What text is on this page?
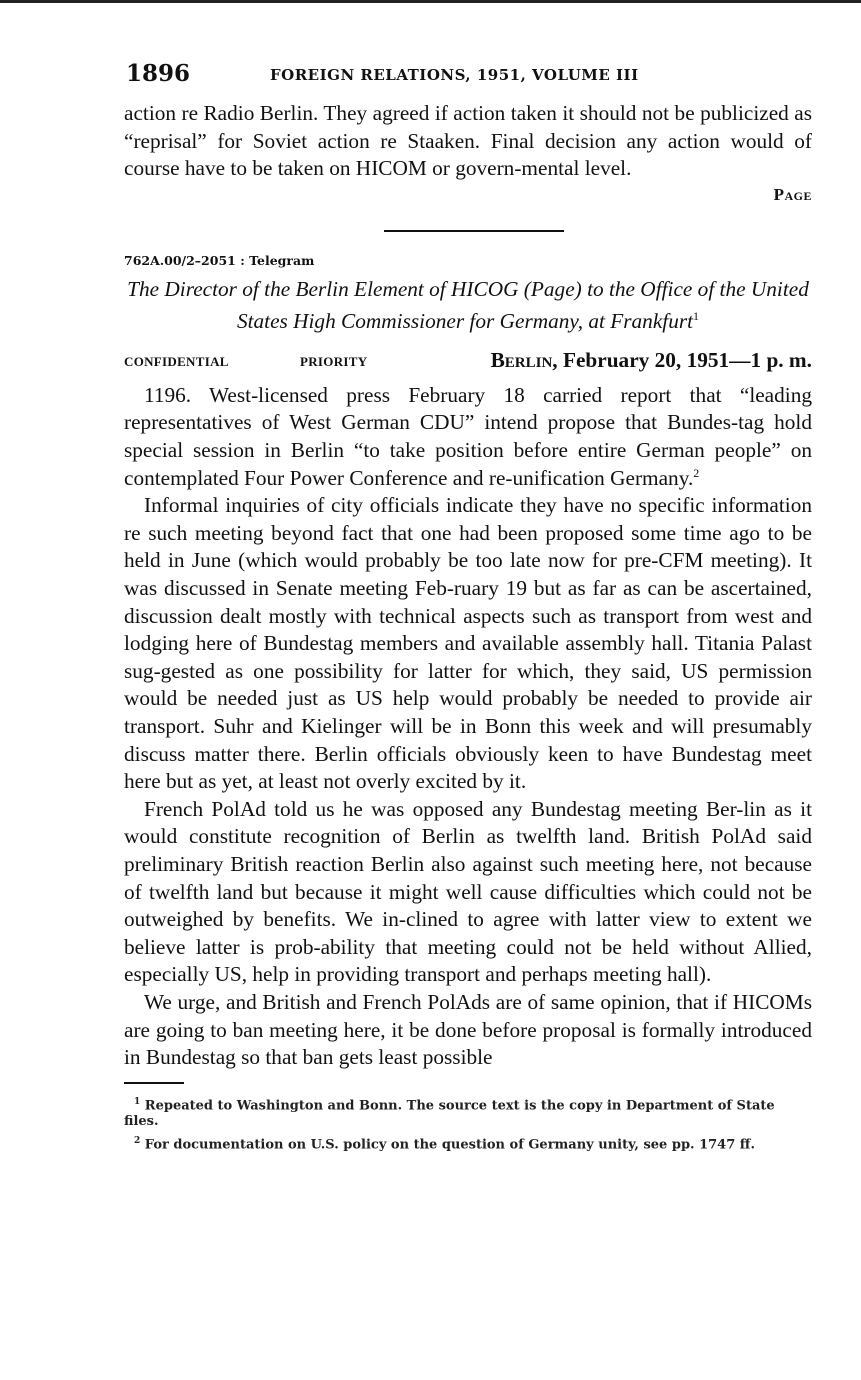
1896	FOREIGN RELATIONS, 1951, VOLUME III

action re Radio Berlin. They agreed if action taken it should not be publicized as “reprisal” for Soviet action re Staaken. Final decision any action would of course have to be taken on HICOM or govern-mental level.

Page
762A.00/2–2051 : Telegram
The Director of the Berlin Element of HICOG (Page) to the Office of the United States High Commissioner for Germany, at Frankfurt$^1$
CONFIDENTIAL	PRIORITY	Berlin, February 20, 1951—1 p. m.

1196. West-licensed press February 18 carried report that “leading representatives of West German CDU” intend propose that Bundes-tag hold special session in Berlin “to take position before entire German people” on contemplated Four Power Conference and re-unification Germany.$^2$

Informal inquiries of city officials indicate they have no specific information re such meeting beyond fact that one had been proposed some time ago to be held in June (which would probably be too late now for pre-CFM meeting). It was discussed in Senate meeting Feb-ruary 19 but as far as can be ascertained, discussion dealt mostly with technical aspects such as transport from west and lodging here of Bundestag members and available assembly hall. Titania Palast sug-gested as one possibility for latter for which, they said, US permission would be needed just as US help would probably be needed to provide air transport. Suhr and Kielinger will be in Bonn this week and will presumably discuss matter there. Berlin officials obviously keen to have Bundestag meet here but as yet, at least not overly excited by it.

French PolAd told us he was opposed any Bundestag meeting Ber-lin as it would constitute recognition of Berlin as twelfth land. British PolAd said preliminary British reaction Berlin also against such meeting here, not because of twelfth land but because it might well cause difficulties which could not be outweighed by benefits. We in-clined to agree with latter view to extent we believe latter is prob-ability that meeting could not be held without Allied, especially US, help in providing transport and perhaps meeting hall).

We urge, and British and French PolAds are of same opinion, that if HICOMs are going to ban meeting here, it be done before proposal is formally introduced in Bundestag so that ban gets least possible

$^1$ Repeated to Washington and Bonn. The source text is the copy in Department of State files.

$^2$ For documentation on U.S. policy on the question of Germany unity, see pp. 1747 ff.
